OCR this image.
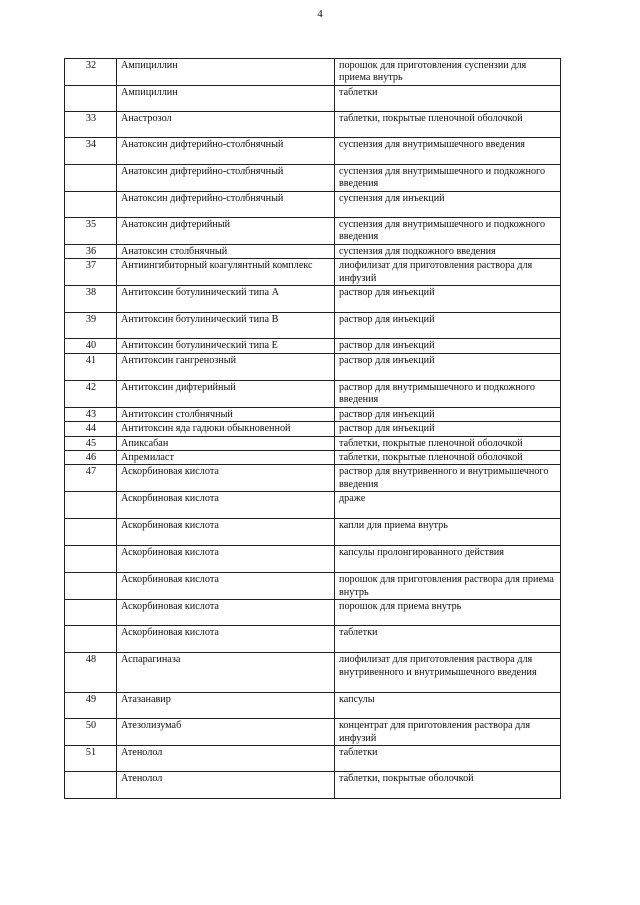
4
32	Ампициллин	порошок для приготовления суспензии для приема внутрь
	Ампициллин	таблетки
33	Анастрозол	таблетки, покрытые пленочной оболочкой
34	Анатоксин дифтерийно-столбнячный	суспензия для внутримышечного введения
	Анатоксин дифтерийно-столбнячный	суспензия для внутримышечного и подкожного введения
	Анатоксин дифтерийно-столбнячный	суспензия для инъекций
35	Анатоксин дифтерийный	суспензия для внутримышечного и подкожного введения
36	Анатоксин столбнячный	суспензия для подкожного введения
37	Антиингибиторный коагулянтный комплекс	лиофилизат для приготовления раствора для инфузий
38	Антитоксин ботулинический типа A	раствор для инъекций
39	Антитоксин ботулинический типа B	раствор для инъекций
40	Антитоксин ботулинический типа E	раствор для инъекций
41	Антитоксин гангренозный	раствор для инъекций
42	Антитоксин дифтерийный	раствор для внутримышечного и подкожного введения
43	Антитоксин столбнячный	раствор для инъекций
44	Антитоксин яда гадюки обыкновенной	раствор для инъекций
45	Апиксабан	таблетки, покрытые пленочной оболочкой
46	Апремиласт	таблетки, покрытые пленочной оболочкой
47	Аскорбиновая кислота	раствор для внутривенного и внутримышечного введения
	Аскорбиновая кислота	драже
	Аскорбиновая кислота	капли для приема внутрь
	Аскорбиновая кислота	капсулы пролонгированного действия
	Аскорбиновая кислота	порошок для приготовления раствора для приема внутрь
	Аскорбиновая кислота	порошок для приема внутрь
	Аскорбиновая кислота	таблетки
48	Аспарагиназа	лиофилизат для приготовления раствора для внутривенного и внутримышечного введения
49	Атазанавир	капсулы
50	Атезолизумаб	концентрат для приготовления раствора для инфузий
51	Атенолол	таблетки
	Атенолол	таблетки, покрытые оболочкой
